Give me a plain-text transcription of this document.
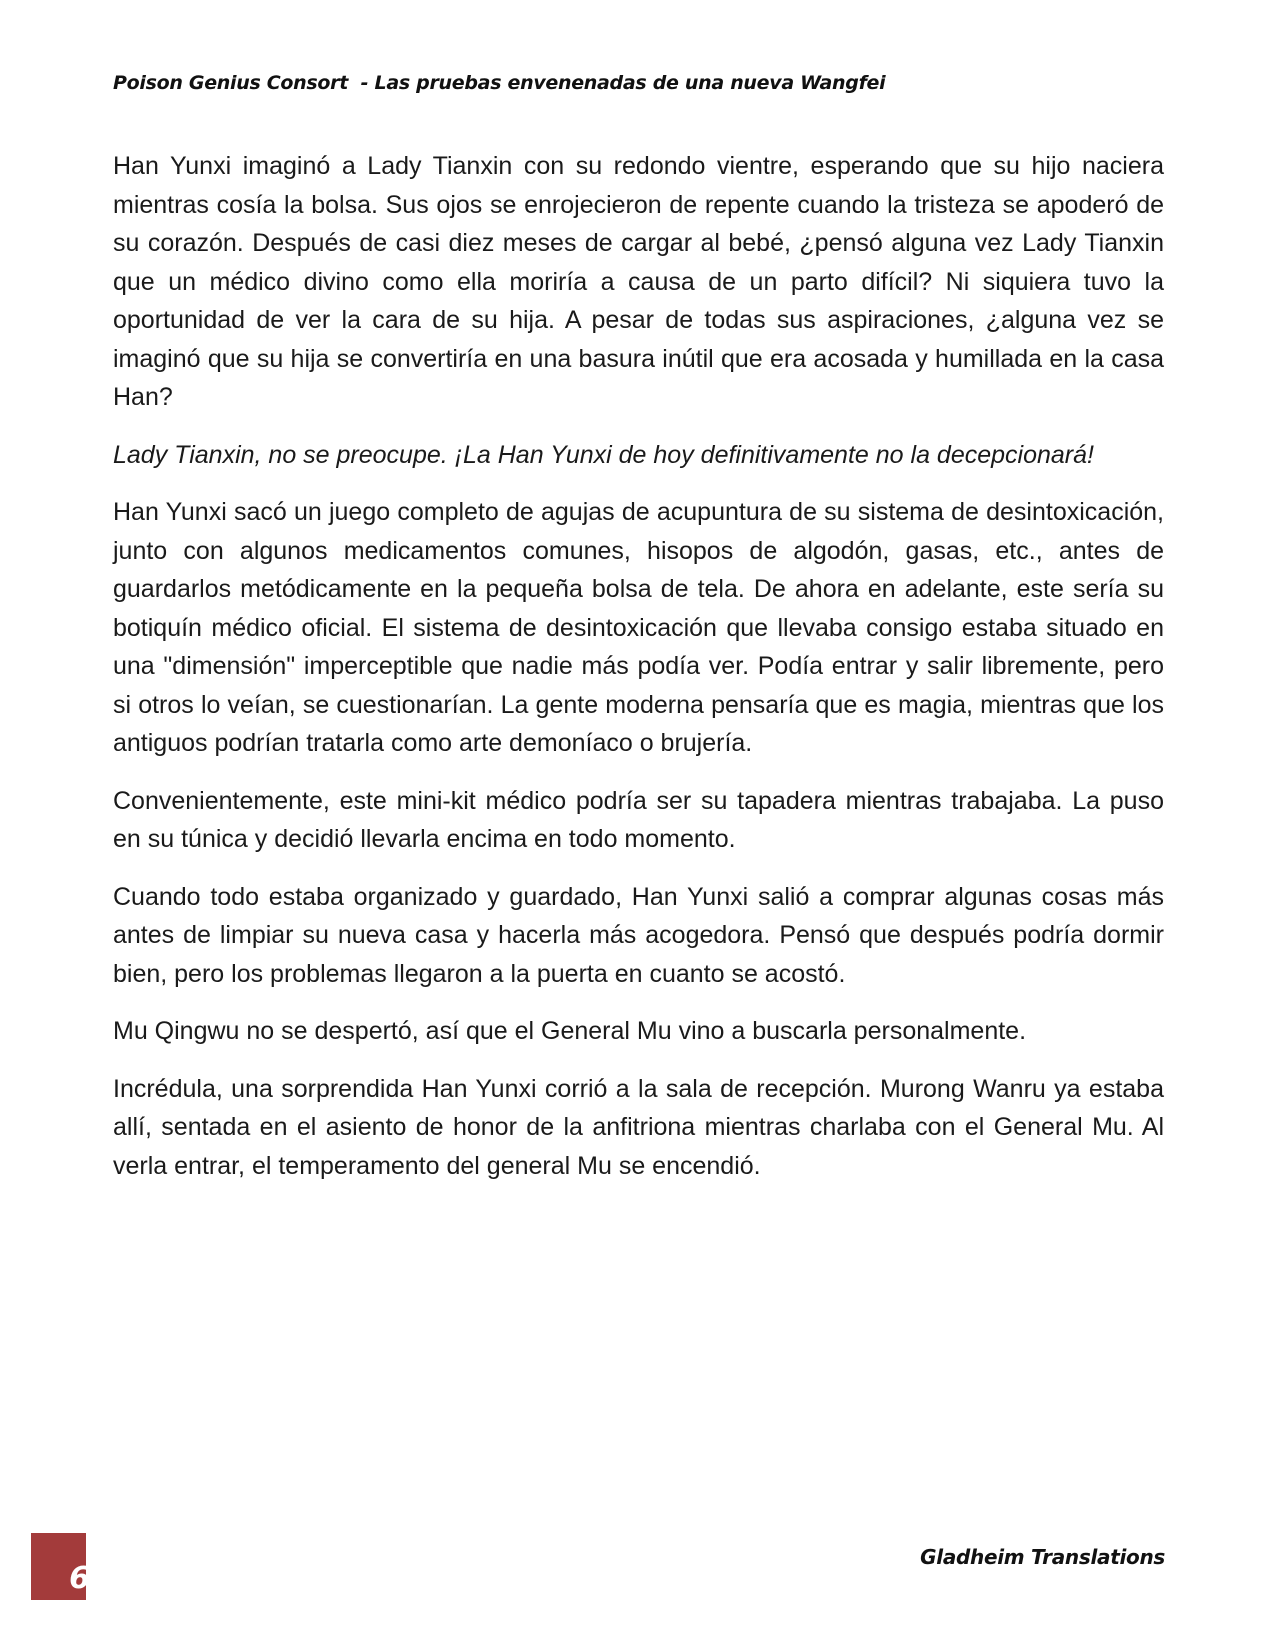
Poison Genius Consort  - Las pruebas envenenadas de una nueva Wangfei

Han Yunxi imaginó a Lady Tianxin con su redondo vientre, esperando que su hijo naciera mientras cosía la bolsa. Sus ojos se enrojecieron de repente cuando la tristeza se apoderó de su corazón. Después de casi diez meses de cargar al bebé, ¿pensó alguna vez Lady Tianxin que un médico divino como ella moriría a causa de un parto difícil? Ni siquiera tuvo la oportunidad de ver la cara de su hija. A pesar de todas sus aspiraciones, ¿alguna vez se imaginó que su hija se convertiría en una basura inútil que era acosada y humillada en la casa Han?

Lady Tianxin, no se preocupe. ¡La Han Yunxi de hoy definitivamente no la decepcionará!

Han Yunxi sacó un juego completo de agujas de acupuntura de su sistema de desintoxicación, junto con algunos medicamentos comunes, hisopos de algodón, gasas, etc., antes de guardarlos metódicamente en la pequeña bolsa de tela. De ahora en adelante, este sería su botiquín médico oficial. El sistema de desintoxicación que llevaba consigo estaba situado en una "dimensión" imperceptible que nadie más podía ver. Podía entrar y salir libremente, pero si otros lo veían, se cuestionarían. La gente moderna pensaría que es magia, mientras que los antiguos podrían tratarla como arte demoníaco o brujería.

Convenientemente, este mini-kit médico podría ser su tapadera mientras trabajaba. La puso en su túnica y decidió llevarla encima en todo momento.

Cuando todo estaba organizado y guardado, Han Yunxi salió a comprar algunas cosas más antes de limpiar su nueva casa y hacerla más acogedora. Pensó que después podría dormir bien, pero los problemas llegaron a la puerta en cuanto se acostó.

Mu Qingwu no se despertó, así que el General Mu vino a buscarla personalmente.

Incrédula, una sorprendida Han Yunxi corrió a la sala de recepción. Murong Wanru ya estaba allí, sentada en el asiento de honor de la anfitriona mientras charlaba con el General Mu. Al verla entrar, el temperamento del general Mu se encendió.

6
Gladheim Translations
